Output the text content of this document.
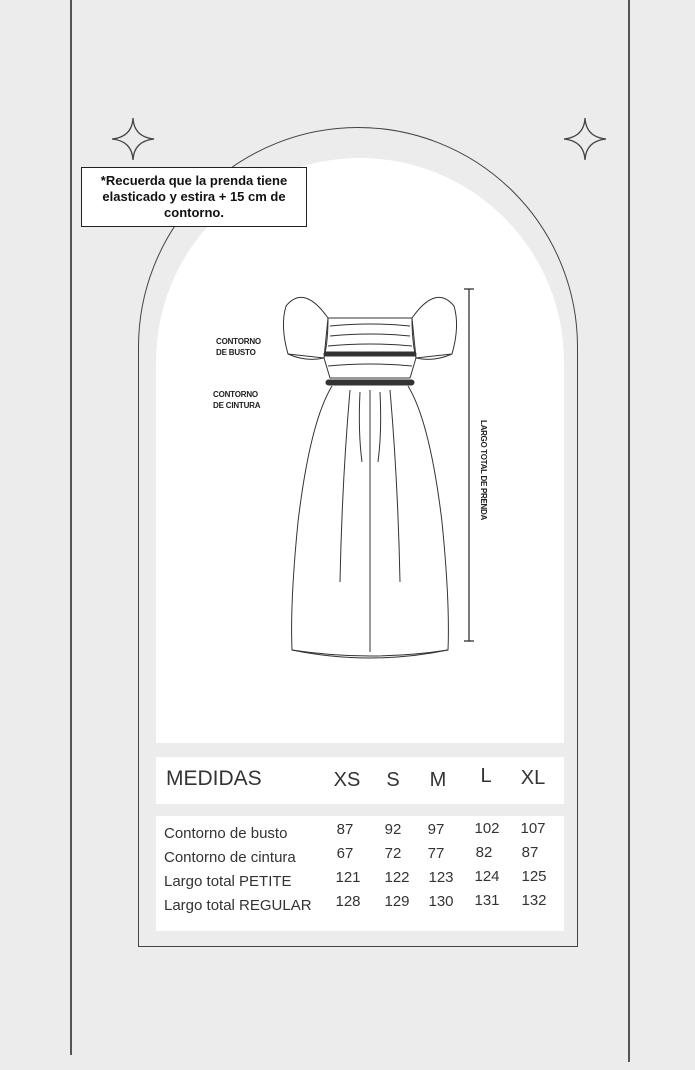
*Recuerda que la prenda tiene
elasticado y estira + 15 cm de
contorno.
CONTORNO
DE BUSTO
CONTORNO
DE CINTURA
LARGO TOTAL DE PRENDA
MEDIDAS	XS	S	M	L	XL
Contorno de busto	87	92	97	102	107
Contorno de cintura	67	72	77	82	87
Largo total PETITE	121	122	123	124	125
Largo total REGULAR	128	129	130	131	132
